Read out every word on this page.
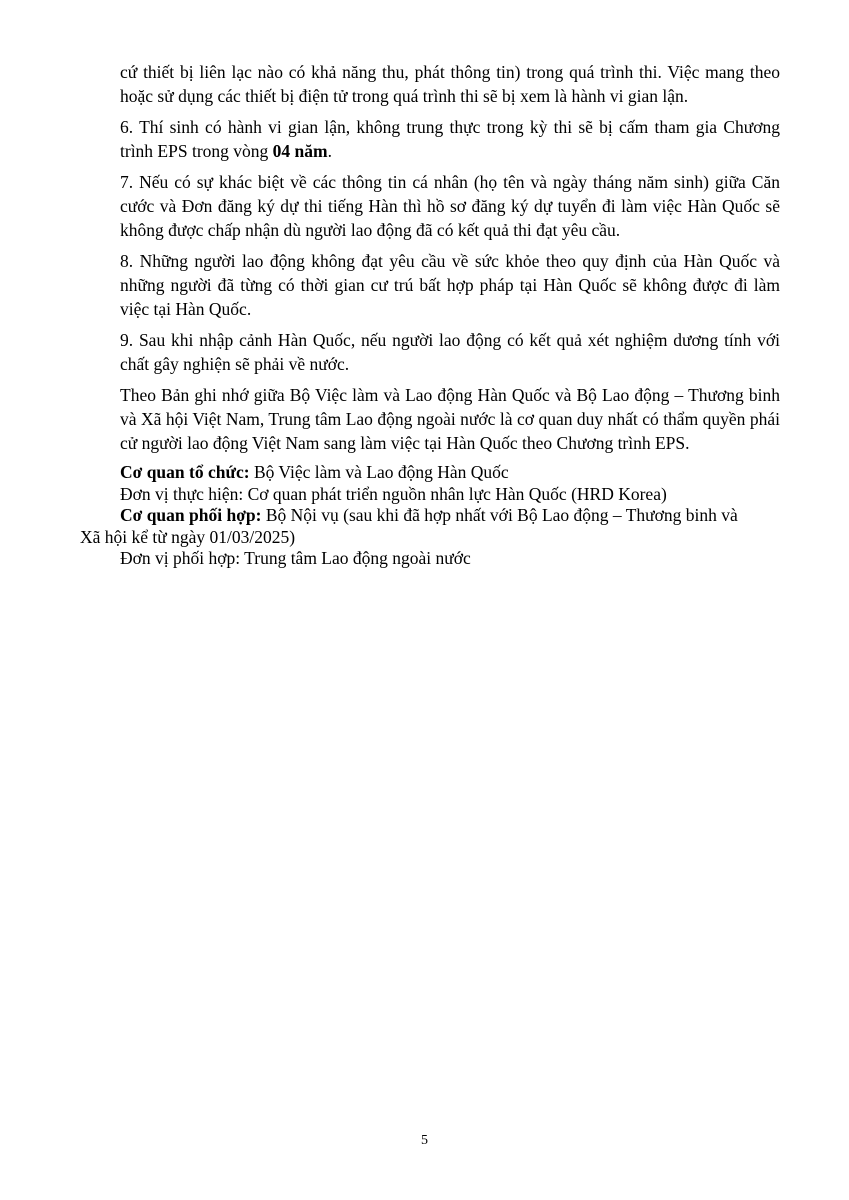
cứ thiết bị liên lạc nào có khả năng thu, phát thông tin) trong quá trình thi. Việc mang theo hoặc sử dụng các thiết bị điện tử trong quá trình thi sẽ bị xem là hành vi gian lận.

6. Thí sinh có hành vi gian lận, không trung thực trong kỳ thi sẽ bị cấm tham gia Chương trình EPS trong vòng 04 năm.

7. Nếu có sự khác biệt về các thông tin cá nhân (họ tên và ngày tháng năm sinh) giữa Căn cước và Đơn đăng ký dự thi tiếng Hàn thì hồ sơ đăng ký dự tuyển đi làm việc Hàn Quốc sẽ không được chấp nhận dù người lao động đã có kết quả thi đạt yêu cầu.

8. Những người lao động không đạt yêu cầu về sức khỏe theo quy định của Hàn Quốc và những người đã từng có thời gian cư trú bất hợp pháp tại Hàn Quốc sẽ không được đi làm việc tại Hàn Quốc.

9. Sau khi nhập cảnh Hàn Quốc, nếu người lao động có kết quả xét nghiệm dương tính với chất gây nghiện sẽ phải về nước.

Theo Bản ghi nhớ giữa Bộ Việc làm và Lao động Hàn Quốc và Bộ Lao động – Thương binh và Xã hội Việt Nam, Trung tâm Lao động ngoài nước là cơ quan duy nhất có thẩm quyền phái cử người lao động Việt Nam sang làm việc tại Hàn Quốc theo Chương trình EPS.

Cơ quan tổ chức: Bộ Việc làm và Lao động Hàn Quốc

Đơn vị thực hiện: Cơ quan phát triển nguồn nhân lực Hàn Quốc (HRD Korea)

Cơ quan phối hợp: Bộ Nội vụ (sau khi đã hợp nhất với Bộ Lao động – Thương binh và

Xã hội kể từ ngày 01/03/2025)

Đơn vị phối hợp: Trung tâm Lao động ngoài nước

5
